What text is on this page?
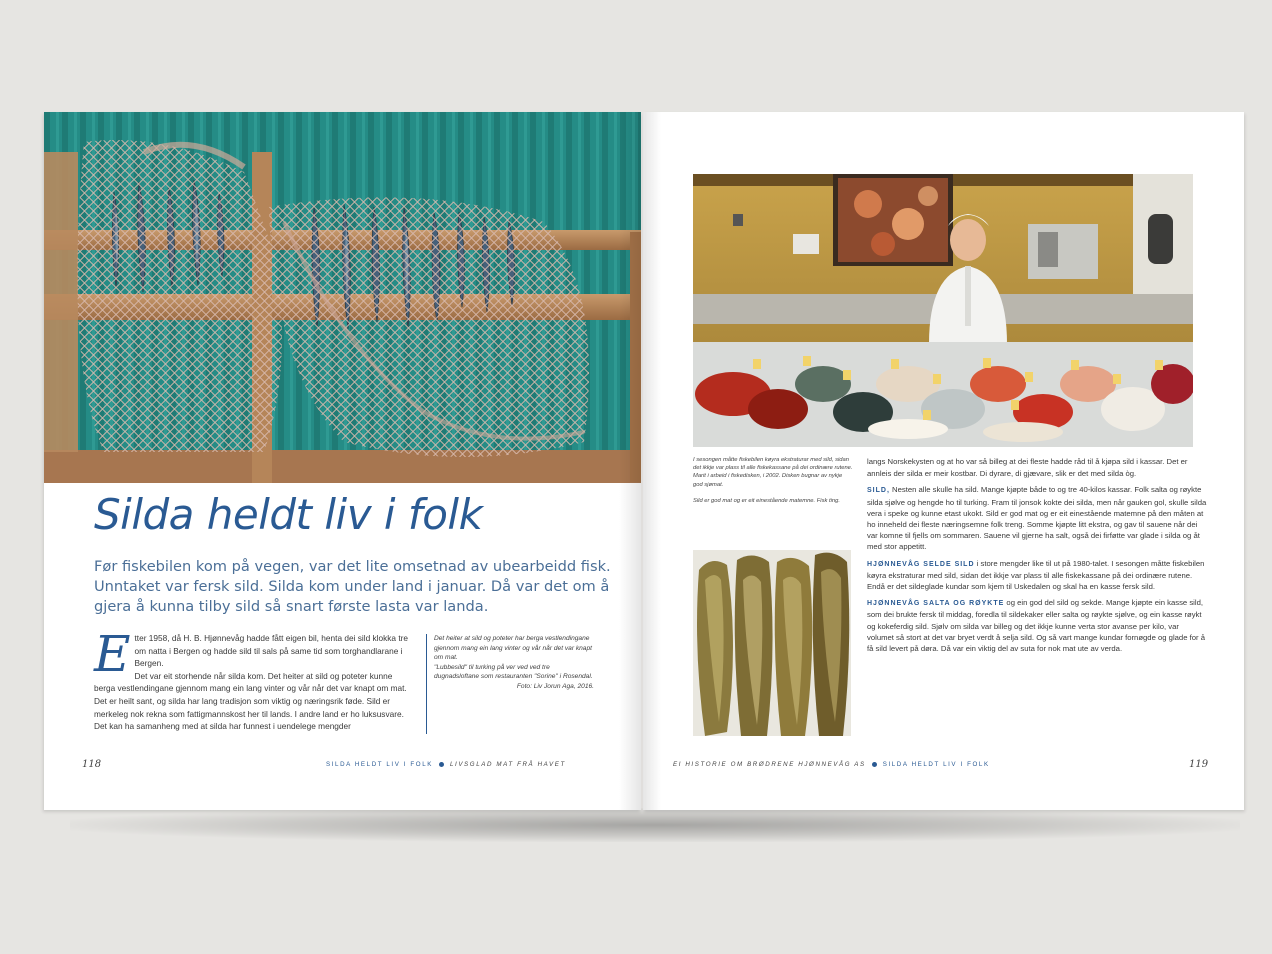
Silda heldt liv i folk
Før fiskebilen kom på vegen, var det lite omsetnad av ubearbeidd fisk. Unntaket var fersk sild. Silda kom under land i januar. Då var det om å gjera å kunna tilby sild så snart første lasta var landa.
E tter 1958, då H. B. Hjønnevåg hadde fått eigen bil, henta dei sild klokka tre om natta i Bergen og hadde sild til sals på same tid som torghandlarane i Bergen.

Det var eit storhende når silda kom. Det heiter at sild og poteter kunne berga vestlendingane gjennom mang ein lang vinter og vår når det var knapt om mat. Det er heilt sant, og silda har lang tradisjon som viktig og næringsrik føde. Sild er merkeleg nok rekna som fattigmannskost her til lands. I andre land er ho luksusvare. Det kan ha samanheng med at silda har funnest i uendelege mengder

Det heiter at sild og poteter har berga vestlendingane gjennom mang ein lang vinter og vår når det var knapt om mat.

"Lubbesild" til turking på ver ved ved tre dugnadsloftane som restauranten "Sorine" i Rosendal.

Foto: Liv Jorun Aga, 2016.

118	SILDA HELDT LIV I FOLK	LIVSGLAD MAT FRÅ HAVET

I sesongen måtte fiskebilen køyra ekstraturar med sild, sidan det ikkje var plass til alle fiskekassane på dei ordinære rutene. Marit i arbeid i fiskedisken, i 2002. Disken bugnar av nykje god sjømat.

Sild er god mat og er eit einestående matemne. Fisk ting.

langs Norskekysten og at ho var så billeg at dei fleste hadde råd til å kjøpa sild i kassar. Det er annleis der silda er meir kostbar. Di dyrare, di gjævare, slik er det med silda òg.

SILD, Nesten alle skulle ha sild. Mange kjøpte både to og tre 40-kilos kassar. Folk salta og røykte silda sjølve og hengde ho til turking. Fram til jonsok kokte dei silda, men når gauken gol, skulle silda vera i speke og kunne etast ukokt. Sild er god mat og er eit einestående matemne på den måten at ho inneheld dei fleste næringsemne folk treng. Somme kjøpte litt ekstra, og gav til sauene når dei var komne til fjells om sommaren. Sauene vil gjerne ha salt, også dei firføtte var glade i silda og åt med stor appetitt.

HJØNNEVÅG SELDE SILD i store mengder like til ut på 1980-talet. I sesongen måtte fiskebilen køyra ekstraturar med sild, sidan det ikkje var plass til alle fiskekassane på dei ordinære rutene. Endå er det sildeglade kundar som kjem til Uskedalen og skal ha en kasse fersk sild.

HJØNNEVÅG SALTA OG RØYKTE og ein god del sild og sekde. Mange kjøpte ein kasse sild, som dei brukte fersk til middag, foredla til sildekaker eller salta og røykte sjølve, og ein kasse røykt og kokeferdig sild. Sjølv om silda var billeg og det ikkje kunne verta stor avanse per kilo, var volumet så stort at det var bryet verdt å selja sild. Og så vart mange kundar fornøgde og glade for å få sild levert på døra. Då var ein viktig del av suta for nok mat ute av verda.

EI HISTORIE OM BRØDRENE HJØNNEVÅG AS	SILDA HELDT LIV I FOLK	119
